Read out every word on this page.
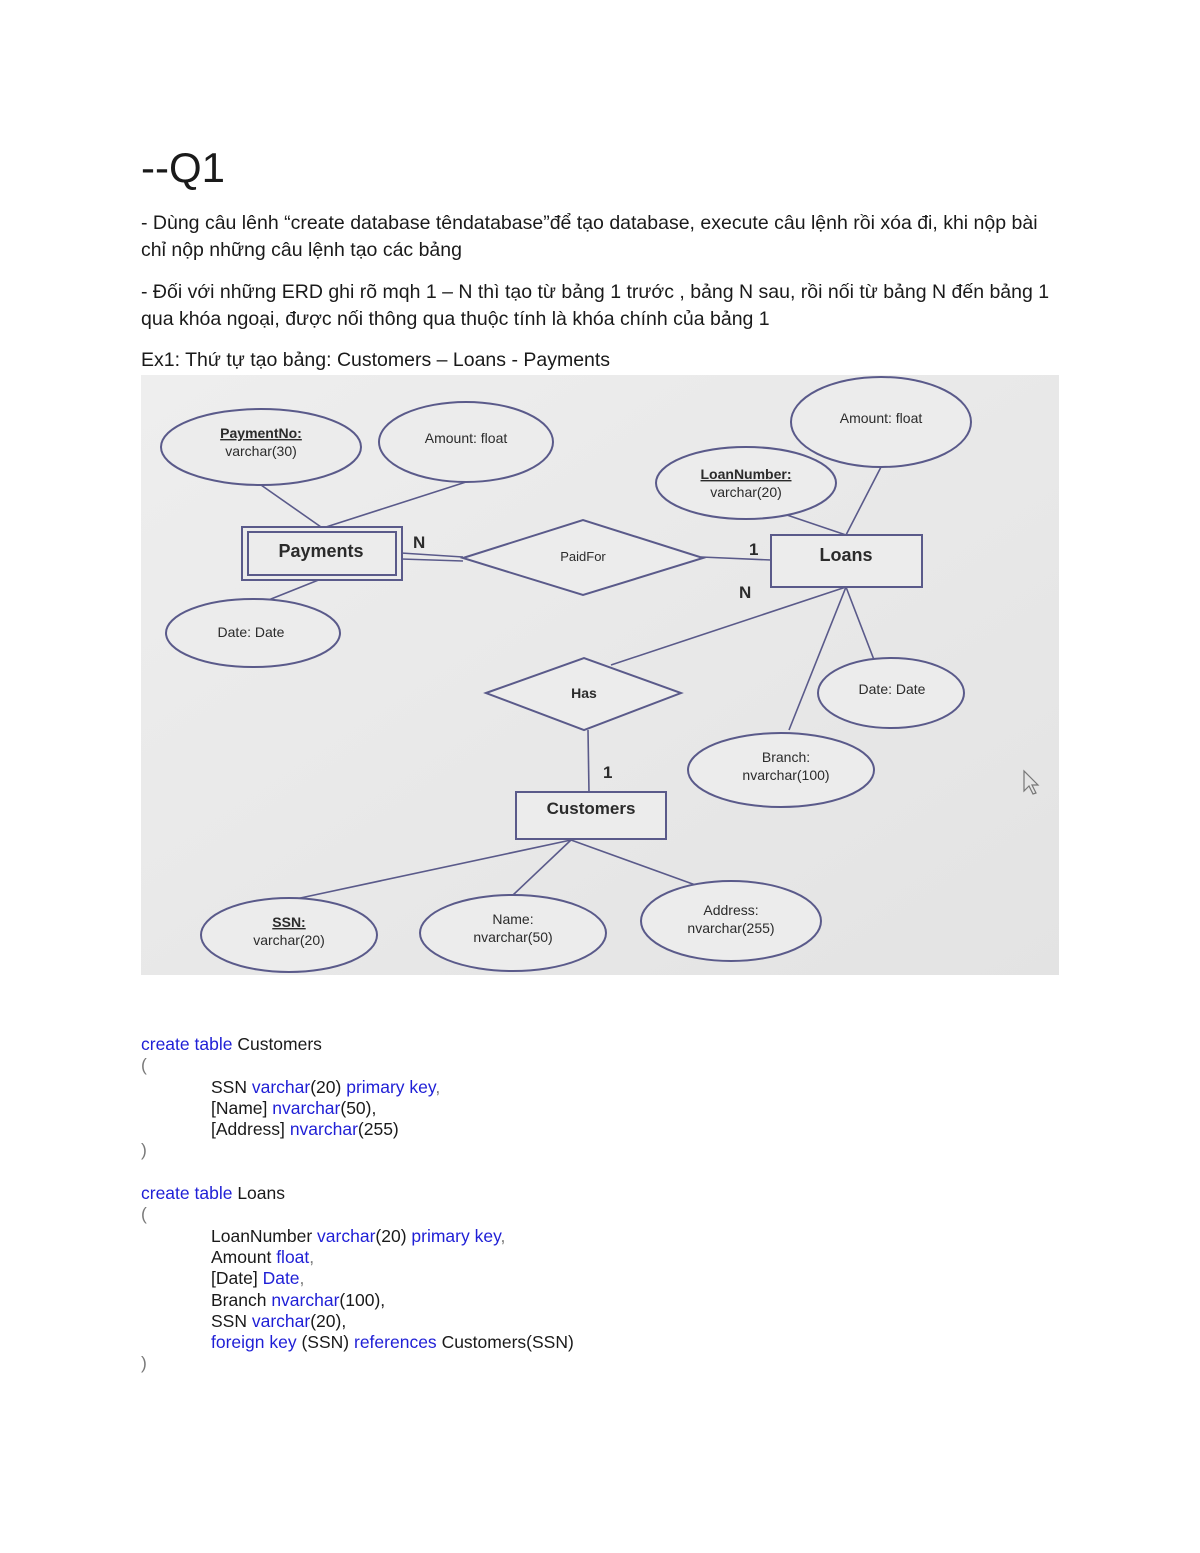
--Q1

- Dùng câu lênh “create database têndatabase”để tạo database, execute câu lệnh rồi xóa đi, khi nộp bài chỉ nộp những câu lệnh tạo các bảng

- Đối với những ERD ghi rõ mqh 1 – N thì tạo từ bảng 1 trước , bảng N sau, rồi nối từ bảng N đến bảng 1 qua khóa ngoại, được nối thông qua thuộc tính là khóa chính của bảng 1

Ex1: Thứ tự tạo bảng: Customers – Loans - Payments

PaymentNo:
varchar(30)
Amount: float
Date: Date
Amount: float
LoanNumber:
varchar(20)
Date: Date
Branch:
nvarchar(100)
SSN:
varchar(20)
Name:
nvarchar(50)
Address:
nvarchar(255)
Payments	Loans
Customers
PaidFor
Has
N	1
N
1
create table Customers
(
SSN varchar(20) primary key,
[Name] nvarchar(50),
[Address] nvarchar(255)
)
create table Loans
(
LoanNumber varchar(20) primary key,
Amount float,
[Date] Date,
Branch nvarchar(100),
SSN varchar(20),
foreign key (SSN) references Customers(SSN)
)
